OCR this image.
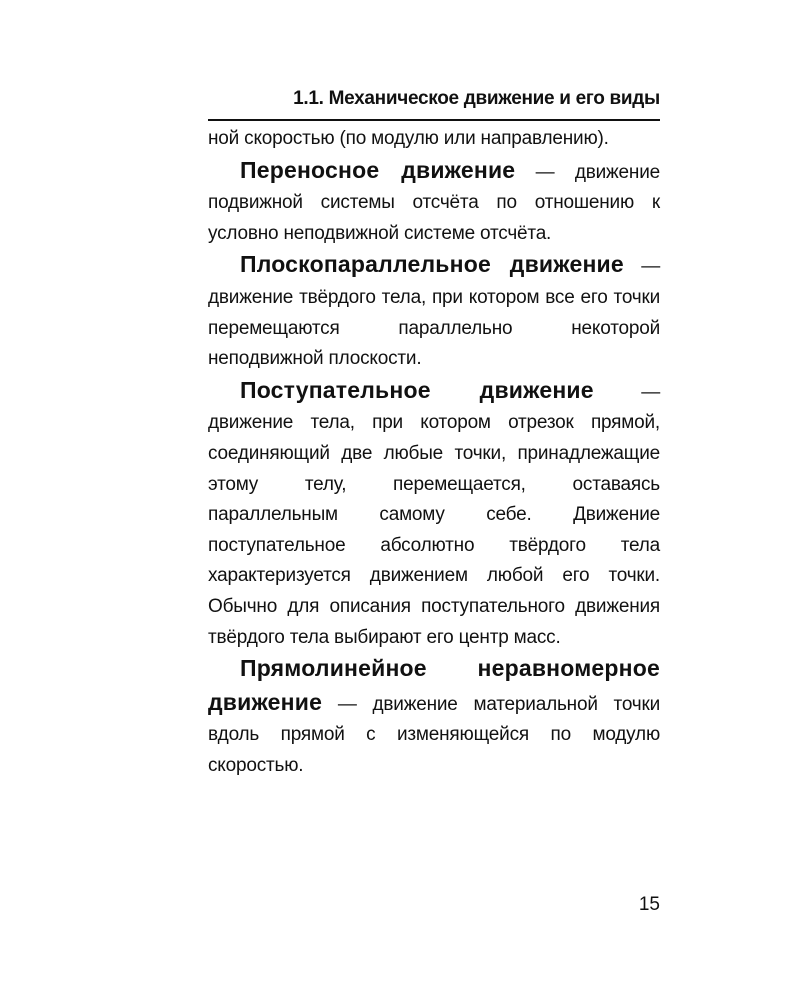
1.1. Механическое движение и его виды

ной скоростью (по модулю или направлению).

Переносное движение — движение подвижной системы отсчёта по отношению к условно неподвижной системе отсчёта.

Плоскопараллельное движение — движение твёрдого тела, при котором все его точки перемещаются параллельно некоторой неподвижной плоскости.

Поступательное движение — движение тела, при котором отрезок прямой, соединяющий две любые точки, принадлежащие этому телу, перемещается, оставаясь параллельным самому себе. Движение поступательное абсолютно твёрдого тела характеризуется движением любой его точки. Обычно для описания поступательного движения твёрдого тела выбирают его центр масс.

Прямолинейное неравномерное движение — движение материальной точки вдоль прямой с изменяющейся по модулю скоростью.

15
